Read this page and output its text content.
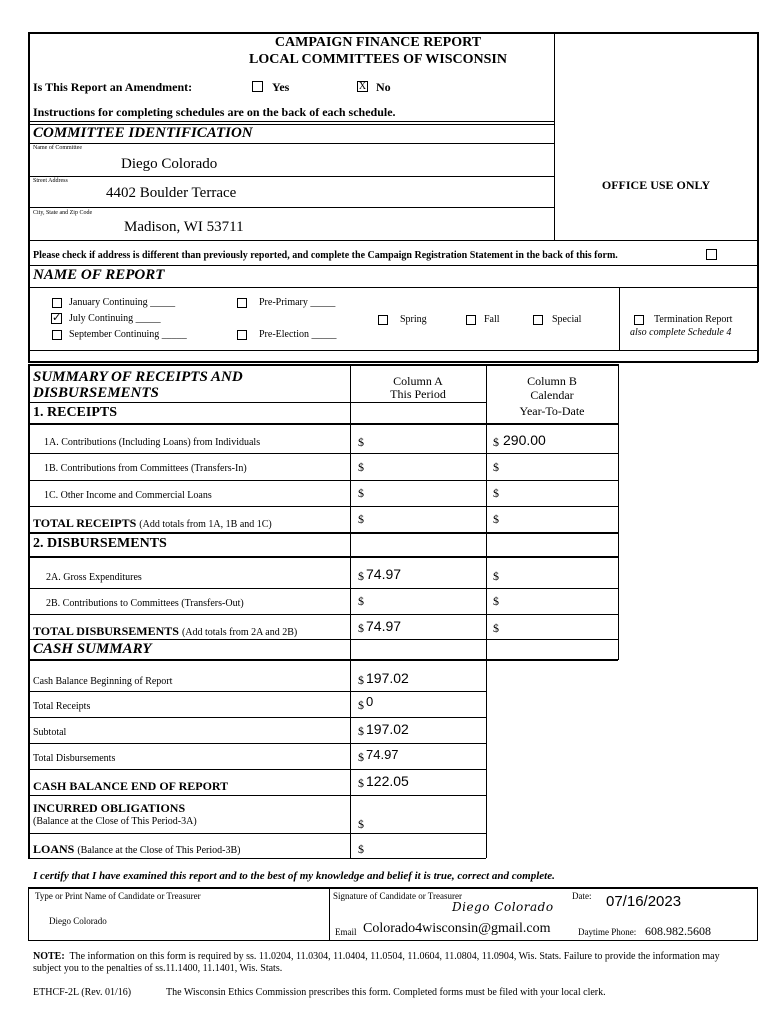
CAMPAIGN FINANCE REPORT
LOCAL COMMITTEES OF WISCONSIN
Is This Report an Amendment:	Yes	X No
Instructions for completing schedules are on the back of each schedule.
OFFICE USE ONLY
COMMITTEE IDENTIFICATION
Name of Committee
Diego Colorado
Street Address
4402 Boulder Terrace
City, State and Zip Code
Madison, WI 53711
Please check if address is different than previously reported, and complete the Campaign Registration Statement in the back of this form.
NAME OF REPORT
January Continuing _____
✓ July Continuing _____
September Continuing _____
Pre-Primary _____
Pre-Election _____
Spring	Fall	Special	Termination Report
also complete Schedule 4
SUMMARY OF RECEIPTS AND
DISBURSEMENTS
Column A
This Period
Column B
Calendar
Year-To-Date
1. RECEIPTS
1A. Contributions (Including Loans) from Individuals	$	$ 290.00
1B. Contributions from Committees (Transfers-In)	$	$
1C. Other Income and Commercial Loans	$	$
TOTAL RECEIPTS (Add totals from 1A, 1B and 1C)	$	$
2. DISBURSEMENTS
2A. Gross Expenditures	$ 74.97	$
2B. Contributions to Committees (Transfers-Out)	$	$
TOTAL DISBURSEMENTS (Add totals from 2A and 2B)	$ 74.97	$
CASH SUMMARY
Cash Balance Beginning of Report	$ 197.02
Total Receipts	$ 0
Subtotal	$ 197.02
Total Disbursements	$ 74.97
CASH BALANCE END OF REPORT	$ 122.05
INCURRED OBLIGATIONS
(Balance at the Close of This Period-3A)	$
LOANS (Balance at the Close of This Period-3B)	$
I certify that I have examined this report and to the best of my knowledge and belief it is true, correct and complete.
Type or Print Name of Candidate or Treasurer
Diego Colorado
Signature of Candidate or Treasurer
Diego Colorado
Date: 07/16/2023
Email Colorado4wisconsin@gmail.com	Daytime Phone: 608.982.5608
NOTE: The information on this form is required by ss. 11.0204, 11.0304, 11.0404, 11.0504, 11.0604, 11.0804, 11.0904, Wis. Stats. Failure to provide the information may subject you to the penalties of ss.11.1400, 11.1401, Wis. Stats.
ETHCF-2L (Rev. 01/16)	The Wisconsin Ethics Commission prescribes this form. Completed forms must be filed with your local clerk.
